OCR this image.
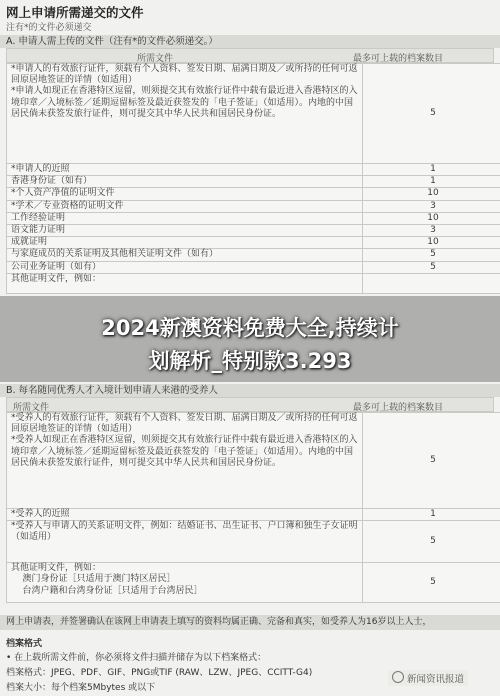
网上申请所需递交的文件
注有*的文件必须递交
A. 申请人需上传的文件（注有*的文件必须递交。）
所需文件	最多可上载的档案数目
*申请人的有效旅行证件，须载有个人资料、签发日期、届满日期及／或所持的任何可返回原居地签证的详情（如适用）
*申请人如现正在香港特区逗留，则须提交其有效旅行证件中载有最近进入香港特区的入境印章／入境标签／延期逗留标签及最近获签发的「电子签证」（如适用）。内地的中国居民倘未获签发旅行证件，则可提交其中华人民共和国居民身份证。	5
*申请人的近照	1
香港身份证（如有）	1
*个人资产净值的证明文件	10
*学术／专业资格的证明文件	3
工作经验证明	10
语文能力证明	3
成就证明	10
与家庭成员的关系证明及其他相关证明文件（如有）	5
公司业务证明（如有）	5
其他证明文件，例如：	
2024新澳资料免费大全,持续计
划解析_特别款3.293
B. 每名随同优秀人才入境计划申请人来港的受养人
所需文件	最多可上载的档案数目
*受养人的有效旅行证件，须载有个人资料、签发日期、届满日期及／或所持的任何可返回原居地签证的详情（如适用）
*受养人如现正在香港特区逗留，则须提交其有效旅行证件中载有最近进入香港特区的入境印章／入境标签／延期逗留标签及最近获签发的「电子签证」（如适用）。内地的中国居民倘未获签发旅行证件，则可提交其中华人民共和国居民身份证。	5
*受养人的近照	1
*受养人与申请人的关系证明文件，例如：结婚证书、出生证书、户口簿和独生子女证明（如适用）	5
其他证明文件，例如：
澳门身份证［只适用于澳门特区居民］
台湾户籍和台湾身份证［只适用于台湾居民］	5
网上申请表，并签署确认在该网上申请表上填写的资料均属正确、完备和真实，如受养人为16岁以上人士，
档案格式
• 在上载所需文件前，你必须将文件扫描并储存为以下档案格式：
档案格式：JPEG、PDF、GIF、PNG或TIF (RAW、LZW、JPEG、CCITT-G4)
档案大小：每个档案5Mbytes 或以下
新闻资讯报道
